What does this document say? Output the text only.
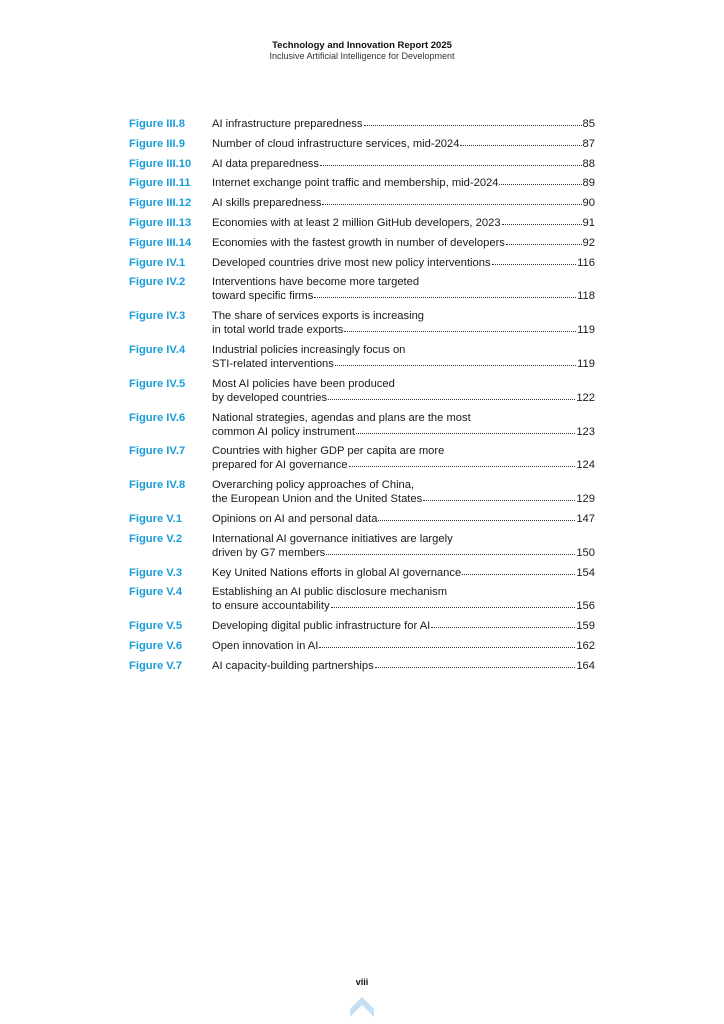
Technology and Innovation Report 2025
Inclusive Artificial Intelligence for Development
Figure III.8	AI infrastructure preparedness	85
Figure III.9	Number of cloud infrastructure services, mid-2024	87
Figure III.10	AI data preparedness	88
Figure III.11	Internet exchange point traffic and membership, mid-2024	89
Figure III.12	AI skills preparedness	90
Figure III.13	Economies with at least 2 million GitHub developers, 2023	91
Figure III.14	Economies with the fastest growth in number of developers	92
Figure IV.1	Developed countries drive most new policy interventions	116
Figure IV.2	Interventions have become more targeted
toward specific firms	118
Figure IV.3	The share of services exports is increasing
in total world trade exports	119
Figure IV.4	Industrial policies increasingly focus on
STI-related interventions	119
Figure IV.5	Most AI policies have been produced
by developed countries	122
Figure IV.6	National strategies, agendas and plans are the most
common AI policy instrument	123
Figure IV.7	Countries with higher GDP per capita are more
prepared for AI governance	124
Figure IV.8	Overarching policy approaches of China,
the European Union and the United States	129
Figure V.1	Opinions on AI and personal data	147
Figure V.2	International AI governance initiatives are largely
driven by G7 members	150
Figure V.3	Key United Nations efforts in global AI governance	154
Figure V.4	Establishing an AI public disclosure mechanism
to ensure accountability	156
Figure V.5	Developing digital public infrastructure for AI	159
Figure V.6	Open innovation in AI	162
Figure V.7	AI capacity-building partnerships	164
viii
